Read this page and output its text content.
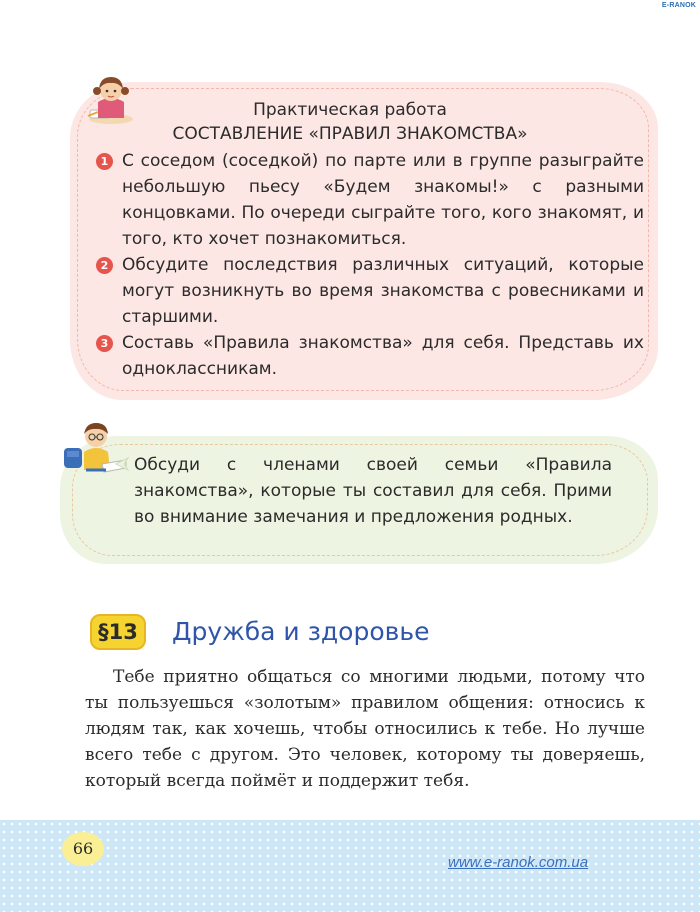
E-RANOK
Практическая работа
СОСТАВЛЕНИЕ «ПРАВИЛ ЗНАКОМСТВА»
1 С соседом (соседкой) по парте или в группе разыграйте небольшую пьесу «Будем знакомы!» с разными концовками. По очереди сыграйте того, кого знакомят, и того, кто хочет познакомиться.
2 Обсудите последствия различных ситуаций, которые могут возникнуть во время знакомства с ровесниками и старшими.
3 Составь «Правила знакомства» для себя. Представь их одноклассникам.
Обсуди с членами своей семьи «Правила знакомства», которые ты составил для себя. Прими во внимание замечания и предложения родных.
§13	Дружба и здоровье
Тебе приятно общаться со многими людьми, потому что ты пользуешься «золотым» правилом общения: относись к людям так, как хочешь, чтобы относились к тебе. Но лучше всего тебе с другом. Это человек, которому ты доверяешь, который всегда поймёт и поддержит тебя.
66
www.e-ranok.com.ua
